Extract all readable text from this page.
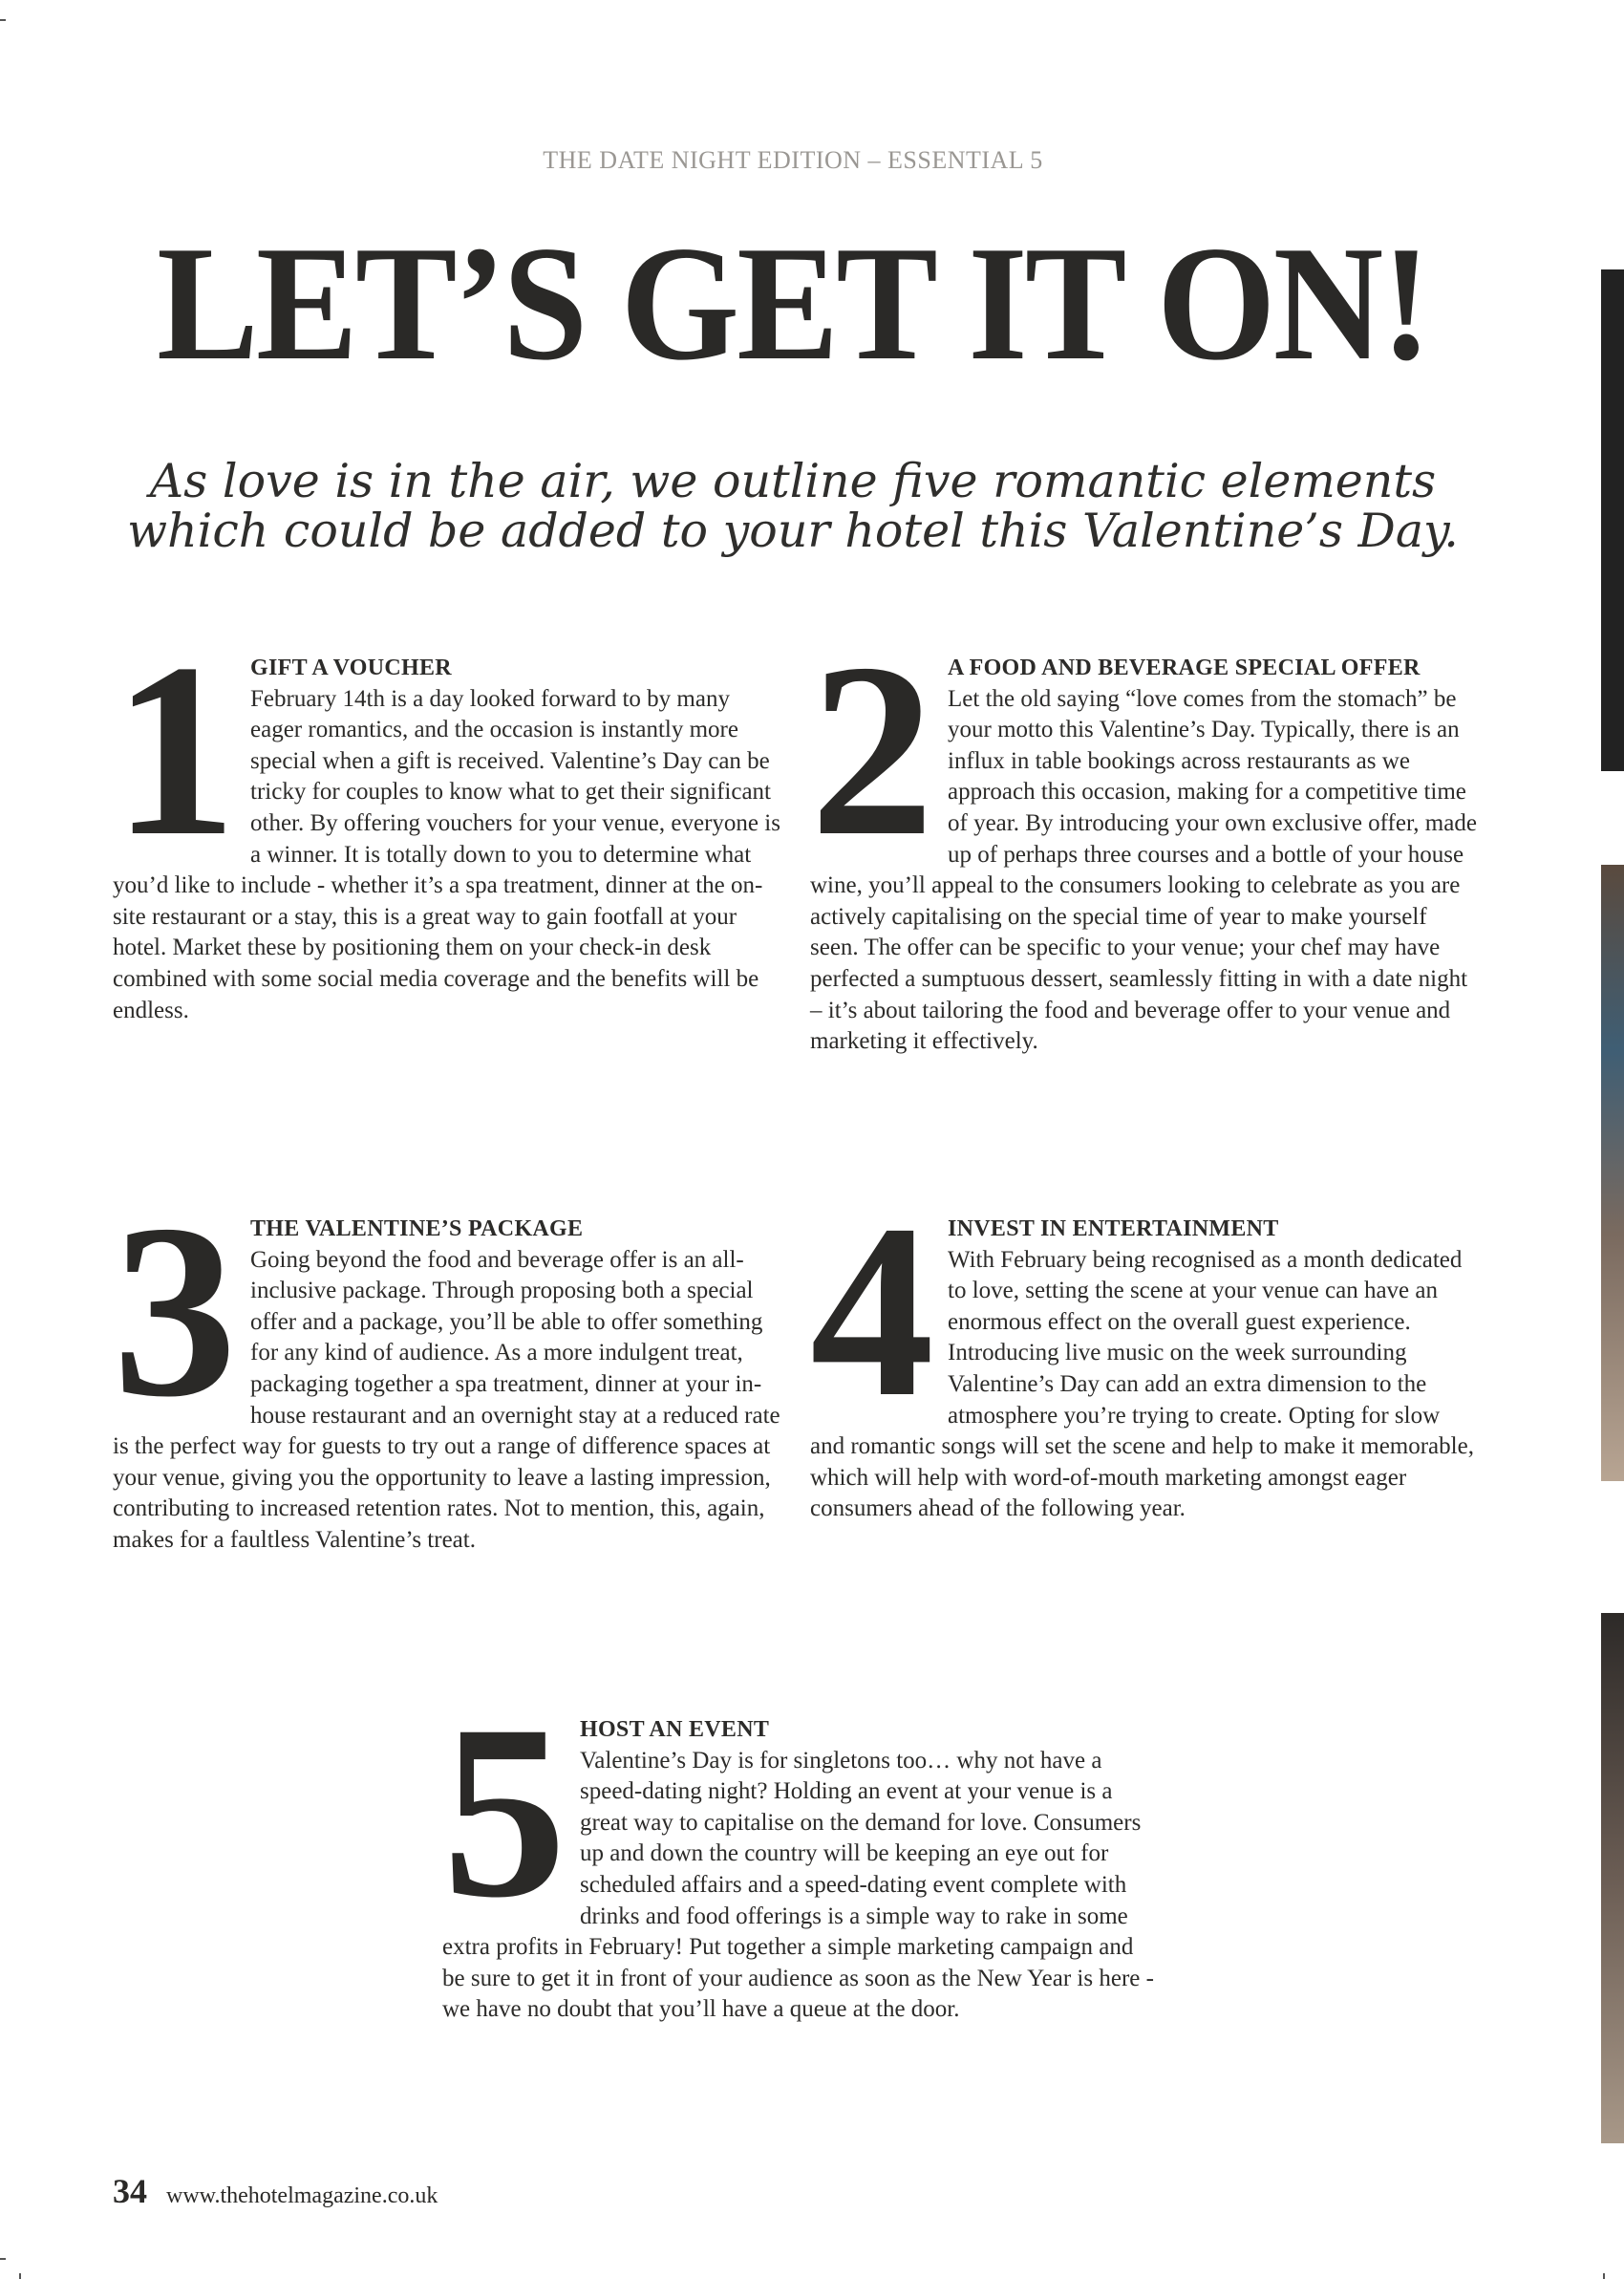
THE DATE NIGHT EDITION – ESSENTIAL 5
LET’S GET IT ON!
As love is in the air, we outline five romantic elements which could be added to your hotel this Valentine’s Day.
1 GIFT A VOUCHER
February 14th is a day looked forward to by many eager romantics, and the occasion is instantly more special when a gift is received. Valentine’s Day can be tricky for couples to know what to get their significant other. By offering vouchers for your venue, everyone is a winner. It is totally down to you to determine what you’d like to include - whether it’s a spa treatment, dinner at the on-site restaurant or a stay, this is a great way to gain footfall at your hotel. Market these by positioning them on your check-in desk combined with some social media coverage and the benefits will be endless.

2 A FOOD AND BEVERAGE SPECIAL OFFER
Let the old saying “love comes from the stomach” be your motto this Valentine’s Day. Typically, there is an influx in table bookings across restaurants as we approach this occasion, making for a competitive time of year. By introducing your own exclusive offer, made up of perhaps three courses and a bottle of your house wine, you’ll appeal to the consumers looking to celebrate as you are actively capitalising on the special time of year to make yourself seen. The offer can be specific to your venue; your chef may have perfected a sumptuous dessert, seamlessly fitting in with a date night – it’s about tailoring the food and beverage offer to your venue and marketing it effectively.

3 THE VALENTINE’S PACKAGE
Going beyond the food and beverage offer is an all-inclusive package. Through proposing both a special offer and a package, you’ll be able to offer something for any kind of audience. As a more indulgent treat, packaging together a spa treatment, dinner at your in-house restaurant and an overnight stay at a reduced rate is the perfect way for guests to try out a range of difference spaces at your venue, giving you the opportunity to leave a lasting impression, contributing to increased retention rates. Not to mention, this, again, makes for a faultless Valentine’s treat.

4 INVEST IN ENTERTAINMENT
With February being recognised as a month dedicated to love, setting the scene at your venue can have an enormous effect on the overall guest experience. Introducing live music on the week surrounding Valentine’s Day can add an extra dimension to the atmosphere you’re trying to create. Opting for slow and romantic songs will set the scene and help to make it memorable, which will help with word-of-mouth marketing amongst eager consumers ahead of the following year.

5 HOST AN EVENT
Valentine’s Day is for singletons too… why not have a speed-dating night? Holding an event at your venue is a great way to capitalise on the demand for love. Consumers up and down the country will be keeping an eye out for scheduled affairs and a speed-dating event complete with drinks and food offerings is a simple way to rake in some extra profits in February! Put together a simple marketing campaign and be sure to get it in front of your audience as soon as the New Year is here - we have no doubt that you’ll have a queue at the door.

34 www.thehotelmagazine.co.uk
